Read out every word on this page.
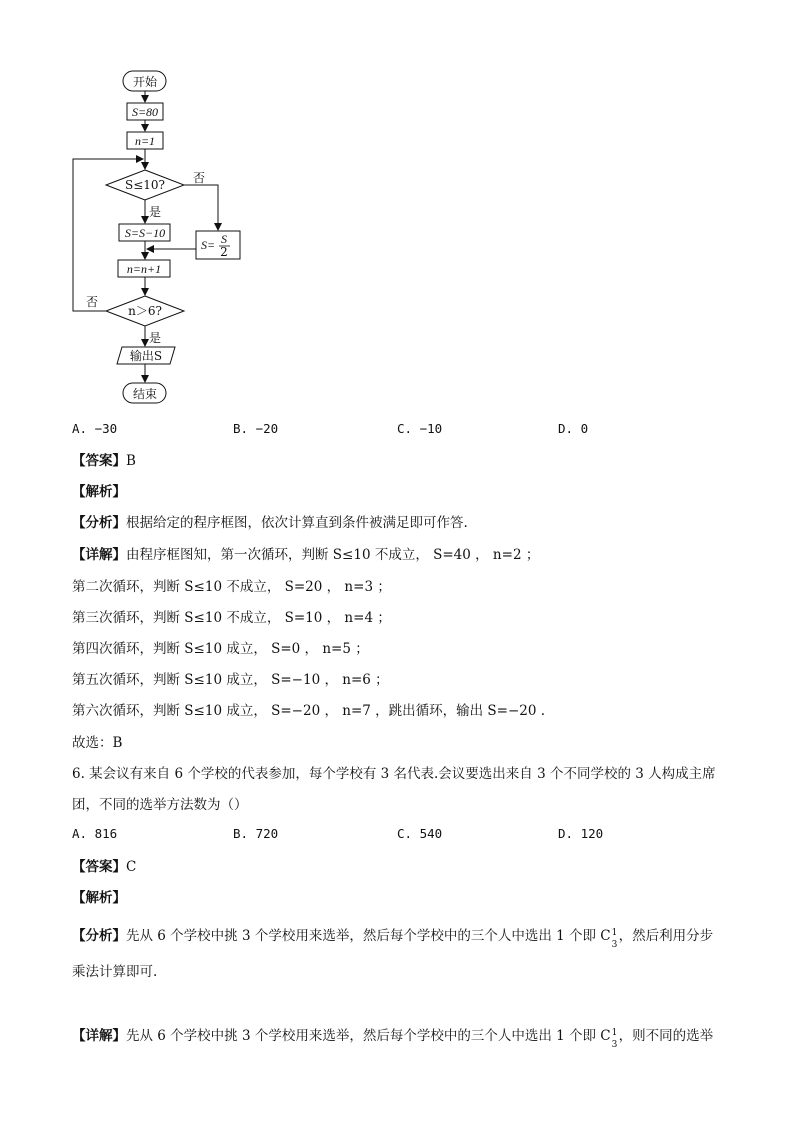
开始
S=80
n=1
S≤10? 否
是
S=S−10
S= S
2
n=n+1
n＞6?
否
是
输出S
结束
A. −30	B. −20	C. −10	D. 0
【答案】B
【解析】
【分析】根据给定的程序框图，依次计算直到条件被满足即可作答.
【详解】由程序框图知，第一次循环，判断 S≤10 不成立， S=40 ， n=2 ；
第二次循环，判断 S≤10 不成立， S=20 ， n=3 ；
第三次循环，判断 S≤10 不成立， S=10 ， n=4 ；
第四次循环，判断 S≤10 成立， S=0 ， n=5 ；
第五次循环，判断 S≤10 成立， S=−10 ， n=6 ；
第六次循环，判断 S≤10 成立， S=−20 ， n=7 ，跳出循环，输出 S=−20 .
故选：B
6. 某会议有来自 6 个学校的代表参加，每个学校有 3 名代表.会议要选出来自 3 个不同学校的 3 人构成主席
团，不同的选举方法数为（）
A. 816	B. 720	C. 540	D. 120
【答案】C
【解析】
【分析】先从 6 个学校中挑 3 个学校用来选举，然后每个学校中的三个人中选出 1 个即 C 1
3
，然后利用分步
乘法计算即可.
【详解】先从 6 个学校中挑 3 个学校用来选举，然后每个学校中的三个人中选出 1 个即 C 1
3
，则不同的选举
